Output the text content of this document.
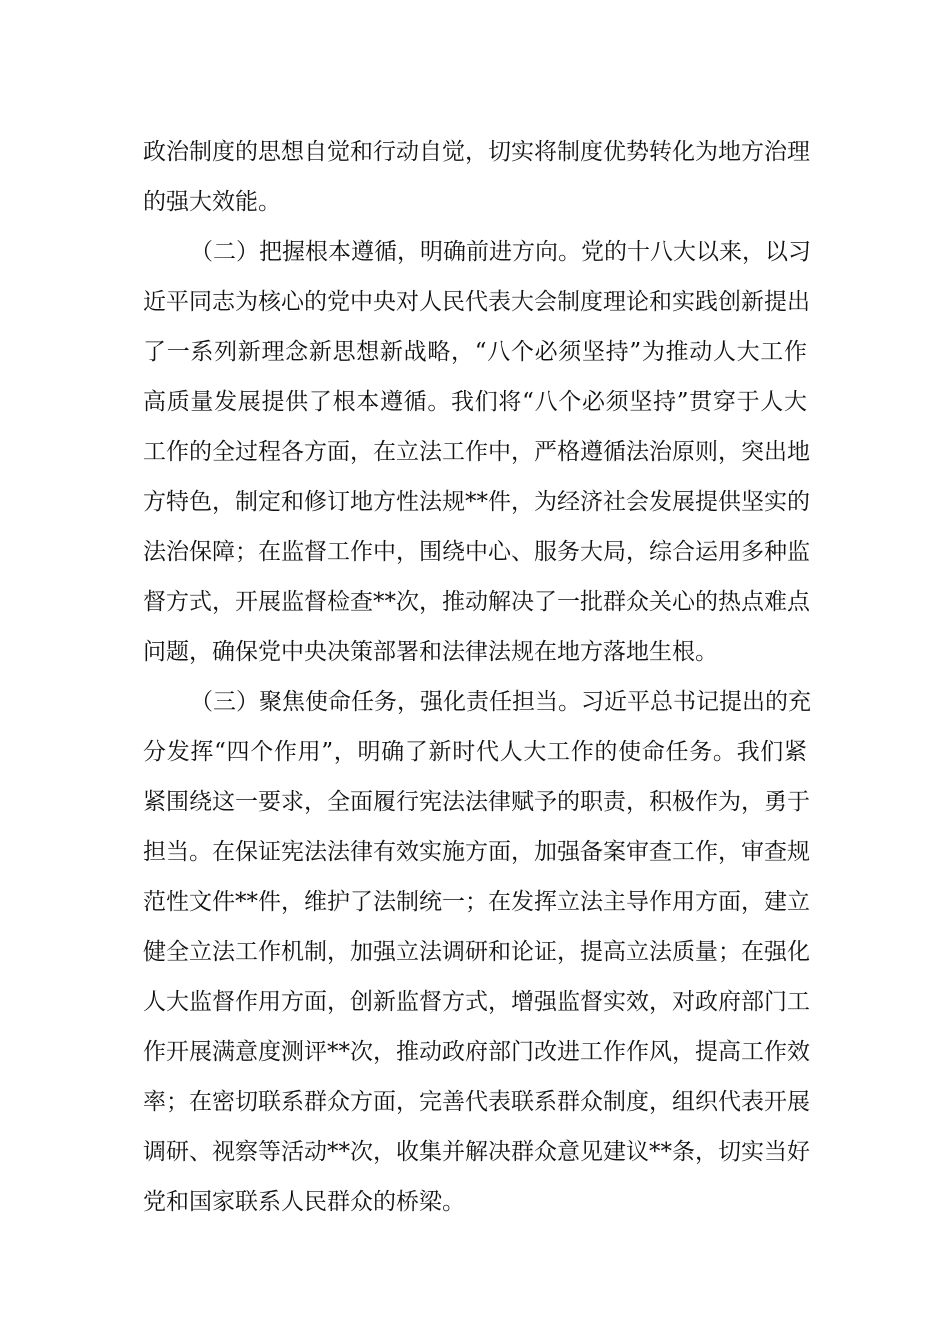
政治制度的思想自觉和行动自觉，切实将制度优势转化为地方治理
的强大效能。
（二）把握根本遵循，明确前进方向。党的十八大以来，以习
近平同志为核心的党中央对人民代表大会制度理论和实践创新提出
了一系列新理念新思想新战略，“八个必须坚持”为推动人大工作
高质量发展提供了根本遵循。我们将“八个必须坚持”贯穿于人大
工作的全过程各方面，在立法工作中，严格遵循法治原则，突出地
方特色，制定和修订地方性法规**件，为经济社会发展提供坚实的
法治保障；在监督工作中，围绕中心、服务大局，综合运用多种监
督方式，开展监督检查**次，推动解决了一批群众关心的热点难点
问题，确保党中央决策部署和法律法规在地方落地生根。
（三）聚焦使命任务，强化责任担当。习近平总书记提出的充
分发挥“四个作用”，明确了新时代人大工作的使命任务。我们紧
紧围绕这一要求，全面履行宪法法律赋予的职责，积极作为，勇于
担当。在保证宪法法律有效实施方面，加强备案审查工作，审查规
范性文件**件，维护了法制统一；在发挥立法主导作用方面，建立
健全立法工作机制，加强立法调研和论证，提高立法质量；在强化
人大监督作用方面，创新监督方式，增强监督实效，对政府部门工
作开展满意度测评**次，推动政府部门改进工作作风，提高工作效
率；在密切联系群众方面，完善代表联系群众制度，组织代表开展
调研、视察等活动**次，收集并解决群众意见建议**条，切实当好
党和国家联系人民群众的桥梁。
